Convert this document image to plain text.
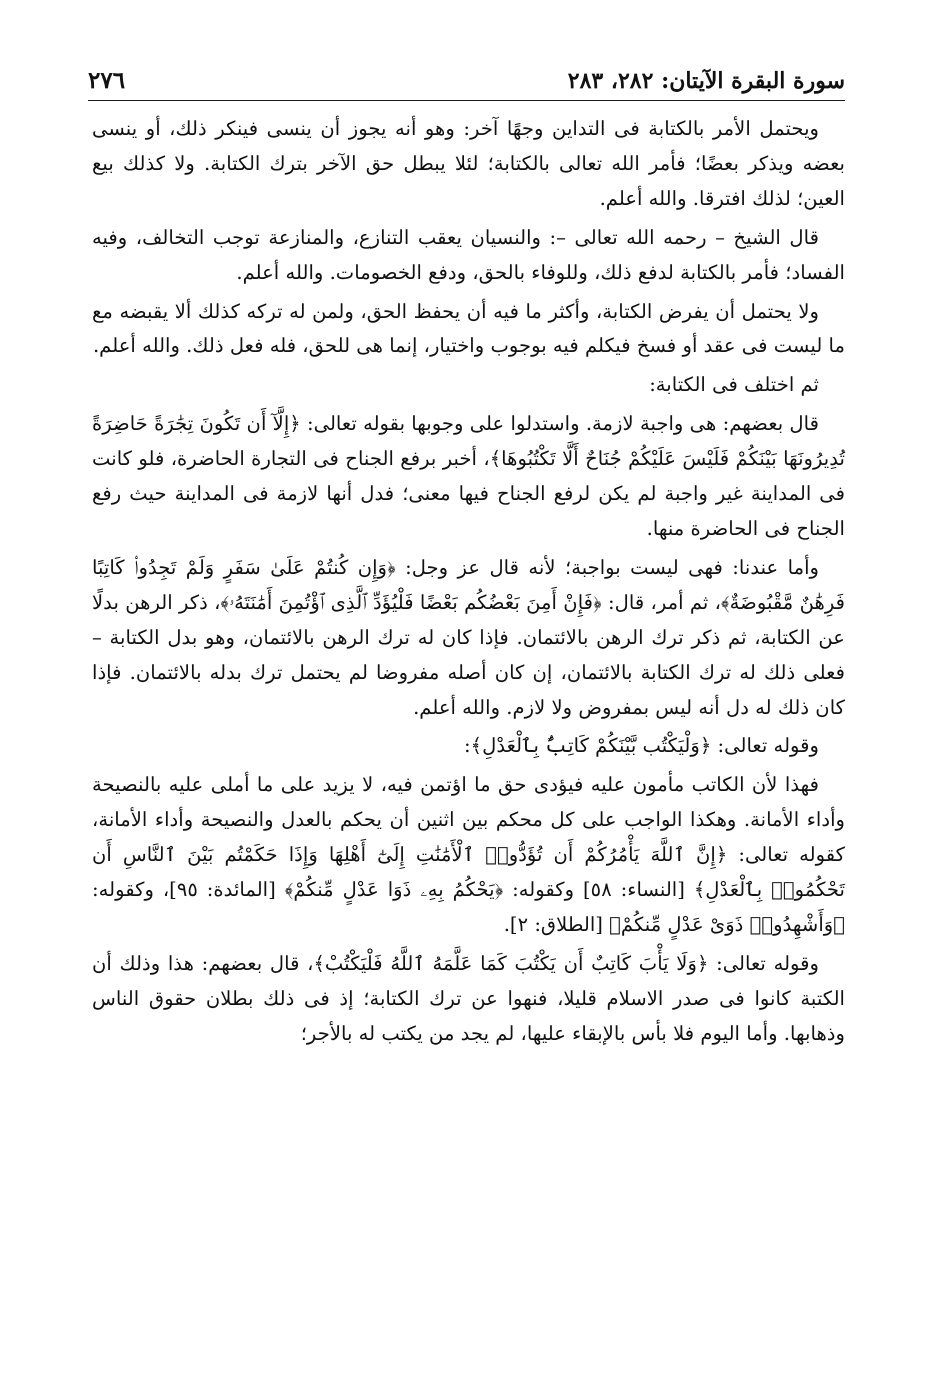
سورة البقرة الآيتان: ٢٨٢، ٢٨٣
٢٧٦

ويحتمل الأمر بالكتابة فى التداين وجهًا آخر: وهو أنه يجوز أن ينسى فينكر ذلك، أو ينسى بعضه ويذكر بعضًا؛ فأمر الله تعالى بالكتابة؛ لئلا يبطل حق الآخر بترك الكتابة. ولا كذلك بيع العين؛ لذلك افترقا. والله أعلم.

قال الشيخ – رحمه الله تعالى –: والنسيان يعقب التنازع، والمنازعة توجب التخالف، وفيه الفساد؛ فأمر بالكتابة لدفع ذلك، وللوفاء بالحق، ودفع الخصومات. والله أعلم.

ولا يحتمل أن يفرض الكتابة، وأكثر ما فيه أن يحفظ الحق، ولمن له تركه كذلك ألا يقبضه مع ما ليست فى عقد أو فسخ فيكلم فيه بوجوب واختيار، إنما هى للحق، فله فعل ذلك. والله أعلم.

ثم اختلف فى الكتابة:

قال بعضهم: هى واجبة لازمة. واستدلوا على وجوبها بقوله تعالى: ﴿إِلَّآ أَن تَكُونَ تِجَٰرَةً حَاضِرَةً تُدِيرُونَهَا بَيْنَكُمْ فَلَيْسَ عَلَيْكُمْ جُنَاحٌ أَلَّا تَكْتُبُوهَا﴾، أخبر برفع الجناح فى التجارة الحاضرة، فلو كانت فى المداينة غير واجبة لم يكن لرفع الجناح فيها معنى؛ فدل أنها لازمة فى المداينة حيث رفع الجناح فى الحاضرة منها.

وأما عندنا: فهى ليست بواجبة؛ لأنه قال عز وجل: ﴿وَإِن كُنتُمْ عَلَىٰ سَفَرٍ وَلَمْ تَجِدُوا۟ كَاتِبًا فَرِهَٰنٌ مَّقْبُوضَةٌ﴾، ثم أمر، قال: ﴿فَإِنْ أَمِنَ بَعْضُكُم بَعْضًا فَلْيُؤَدِّ ٱلَّذِى ٱؤْتُمِنَ أَمَٰنَتَهُۥ﴾، ذكر الرهن بدلًا عن الكتابة، ثم ذكر ترك الرهن بالائتمان. فإذا كان له ترك الرهن بالائتمان، وهو بدل الكتابة – فعلى ذلك له ترك الكتابة بالائتمان، إن كان أصله مفروضا لم يحتمل ترك بدله بالائتمان. فإذا كان ذلك له دل أنه ليس بمفروض ولا لازم. والله أعلم.

وقوله تعالى: ﴿وَلْيَكْتُب بَّيْنَكُمْ كَاتِبٌۢ بِٱلْعَدْلِ﴾:

فهذا لأن الكاتب مأمون عليه فيؤدى حق ما اؤتمن فيه، لا يزيد على ما أملى عليه بالنصيحة وأداء الأمانة. وهكذا الواجب على كل محكم بين اثنين أن يحكم بالعدل والنصيحة وأداء الأمانة، كقوله تعالى: ﴿إِنَّ ٱللَّهَ يَأْمُرُكُمْ أَن تُؤَدُّوا۟ ٱلْأَمَٰنَٰتِ إِلَىٰٓ أَهْلِهَا وَإِذَا حَكَمْتُم بَيْنَ ٱلنَّاسِ أَن تَحْكُمُوا۟ بِٱلْعَدْلِ﴾ [النساء: ٥٨] وكقوله: ﴿يَحْكُمُ بِهِۦ ذَوَا عَدْلٍ مِّنكُمْ﴾ [المائدة: ٩٥]، وكقوله: ﴿وَأَشْهِدُوا۟ ذَوَىْ عَدْلٍ مِّنكُمْ﴾ [الطلاق: ٢].

وقوله تعالى: ﴿وَلَا يَأْبَ كَاتِبٌ أَن يَكْتُبَ كَمَا عَلَّمَهُ ٱللَّهُ فَلْيَكْتُبْ﴾، قال بعضهم: هذا وذلك أن الكتبة كانوا فى صدر الاسلام قليلا، فنهوا عن ترك الكتابة؛ إذ فى ذلك بطلان حقوق الناس وذهابها. وأما اليوم فلا بأس بالإبقاء عليها، لم يجد من يكتب له بالأجر؛
